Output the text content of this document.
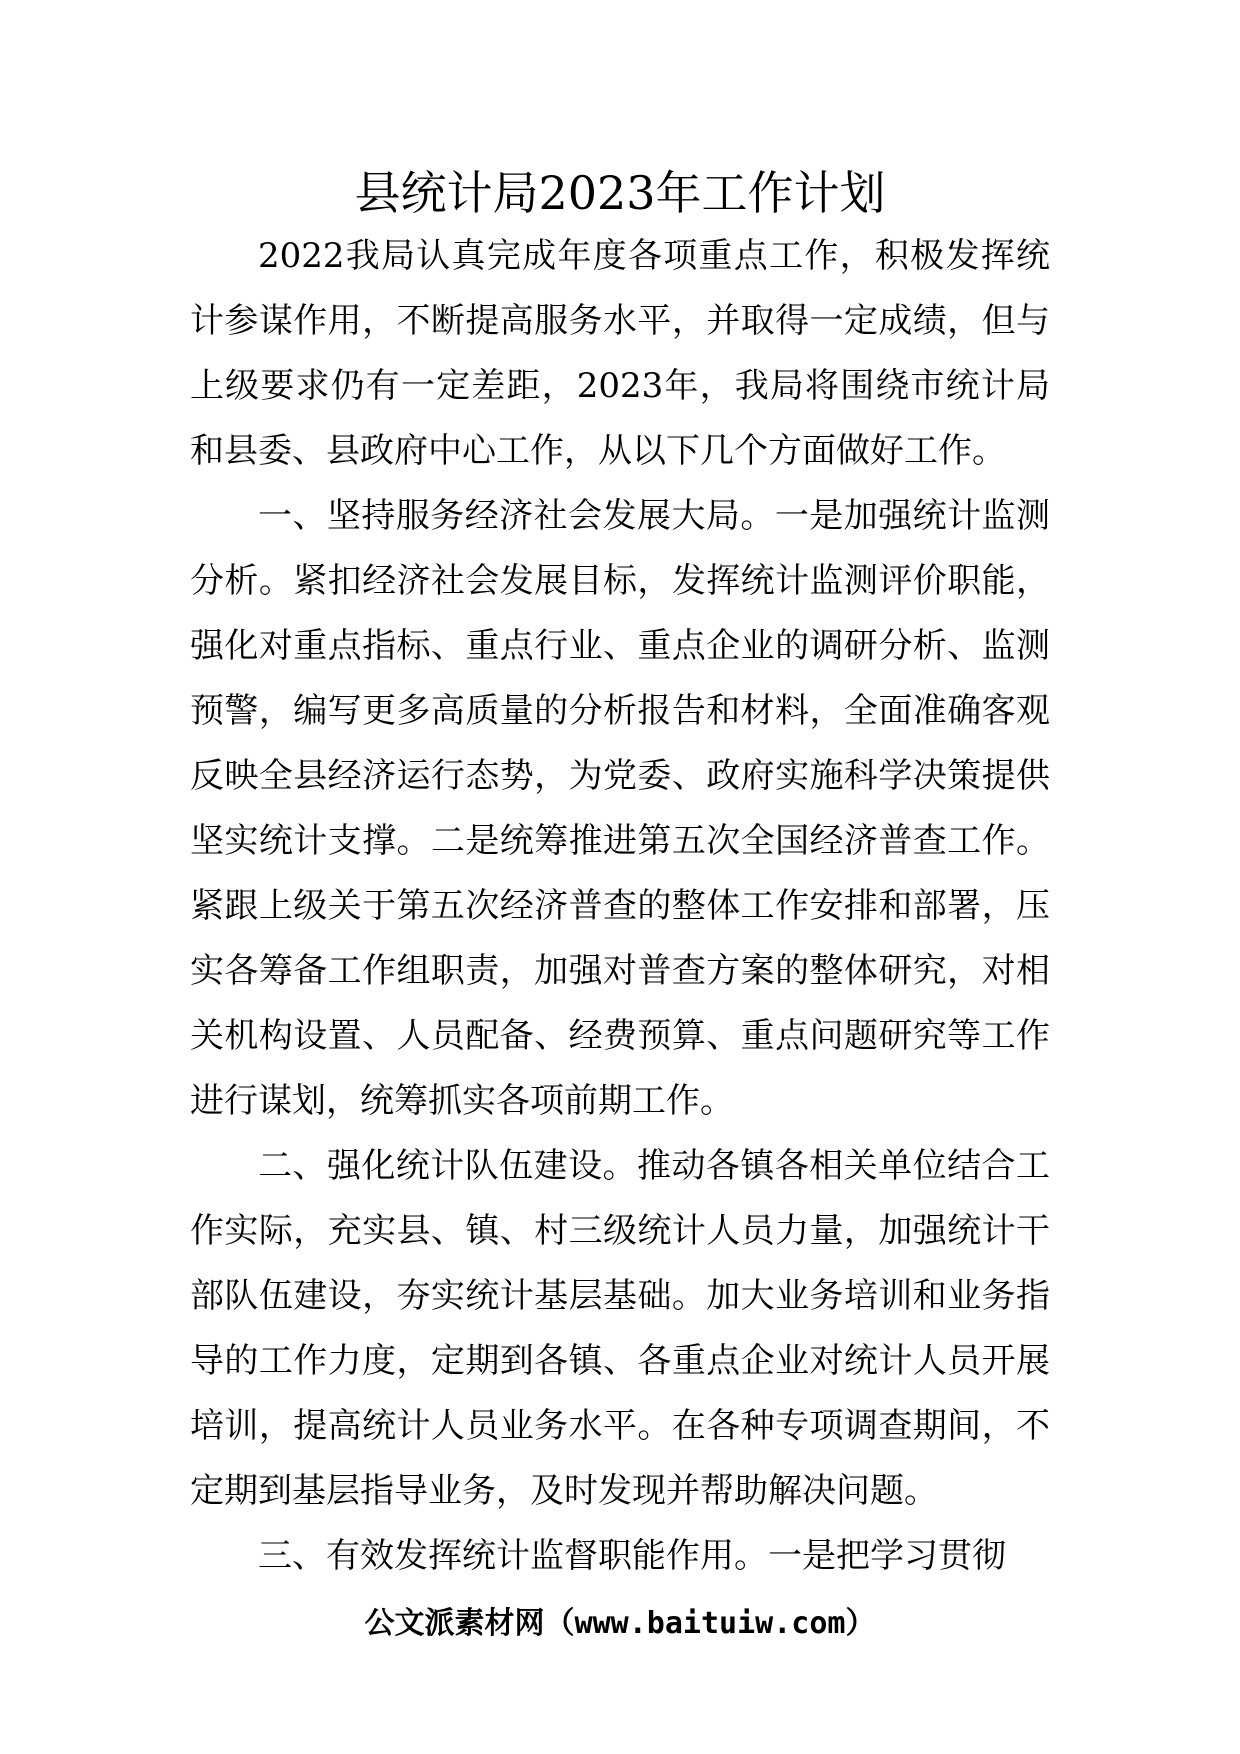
县统计局2023年工作计划

2022我局认真完成年度各项重点工作，积极发挥统计参谋作用，不断提高服务水平，并取得一定成绩，但与上级要求仍有一定差距，2023年，我局将围绕市统计局和县委、县政府中心工作，从以下几个方面做好工作。

一、坚持服务经济社会发展大局。一是加强统计监测分析。紧扣经济社会发展目标，发挥统计监测评价职能，强化对重点指标、重点行业、重点企业的调研分析、监测预警，编写更多高质量的分析报告和材料，全面准确客观反映全县经济运行态势，为党委、政府实施科学决策提供坚实统计支撑。二是统筹推进第五次全国经济普查工作。紧跟上级关于第五次经济普查的整体工作安排和部署，压实各筹备工作组职责，加强对普查方案的整体研究，对相关机构设置、人员配备、经费预算、重点问题研究等工作进行谋划，统筹抓实各项前期工作。

二、强化统计队伍建设。推动各镇各相关单位结合工作实际，充实县、镇、村三级统计人员力量，加强统计干部队伍建设，夯实统计基层基础。加大业务培训和业务指导的工作力度，定期到各镇、各重点企业对统计人员开展培训，提高统计人员业务水平。在各种专项调查期间，不定期到基层指导业务，及时发现并帮助解决问题。

三、有效发挥统计监督职能作用。一是把学习贯彻

公文派素材网（www.baituiw.com）
